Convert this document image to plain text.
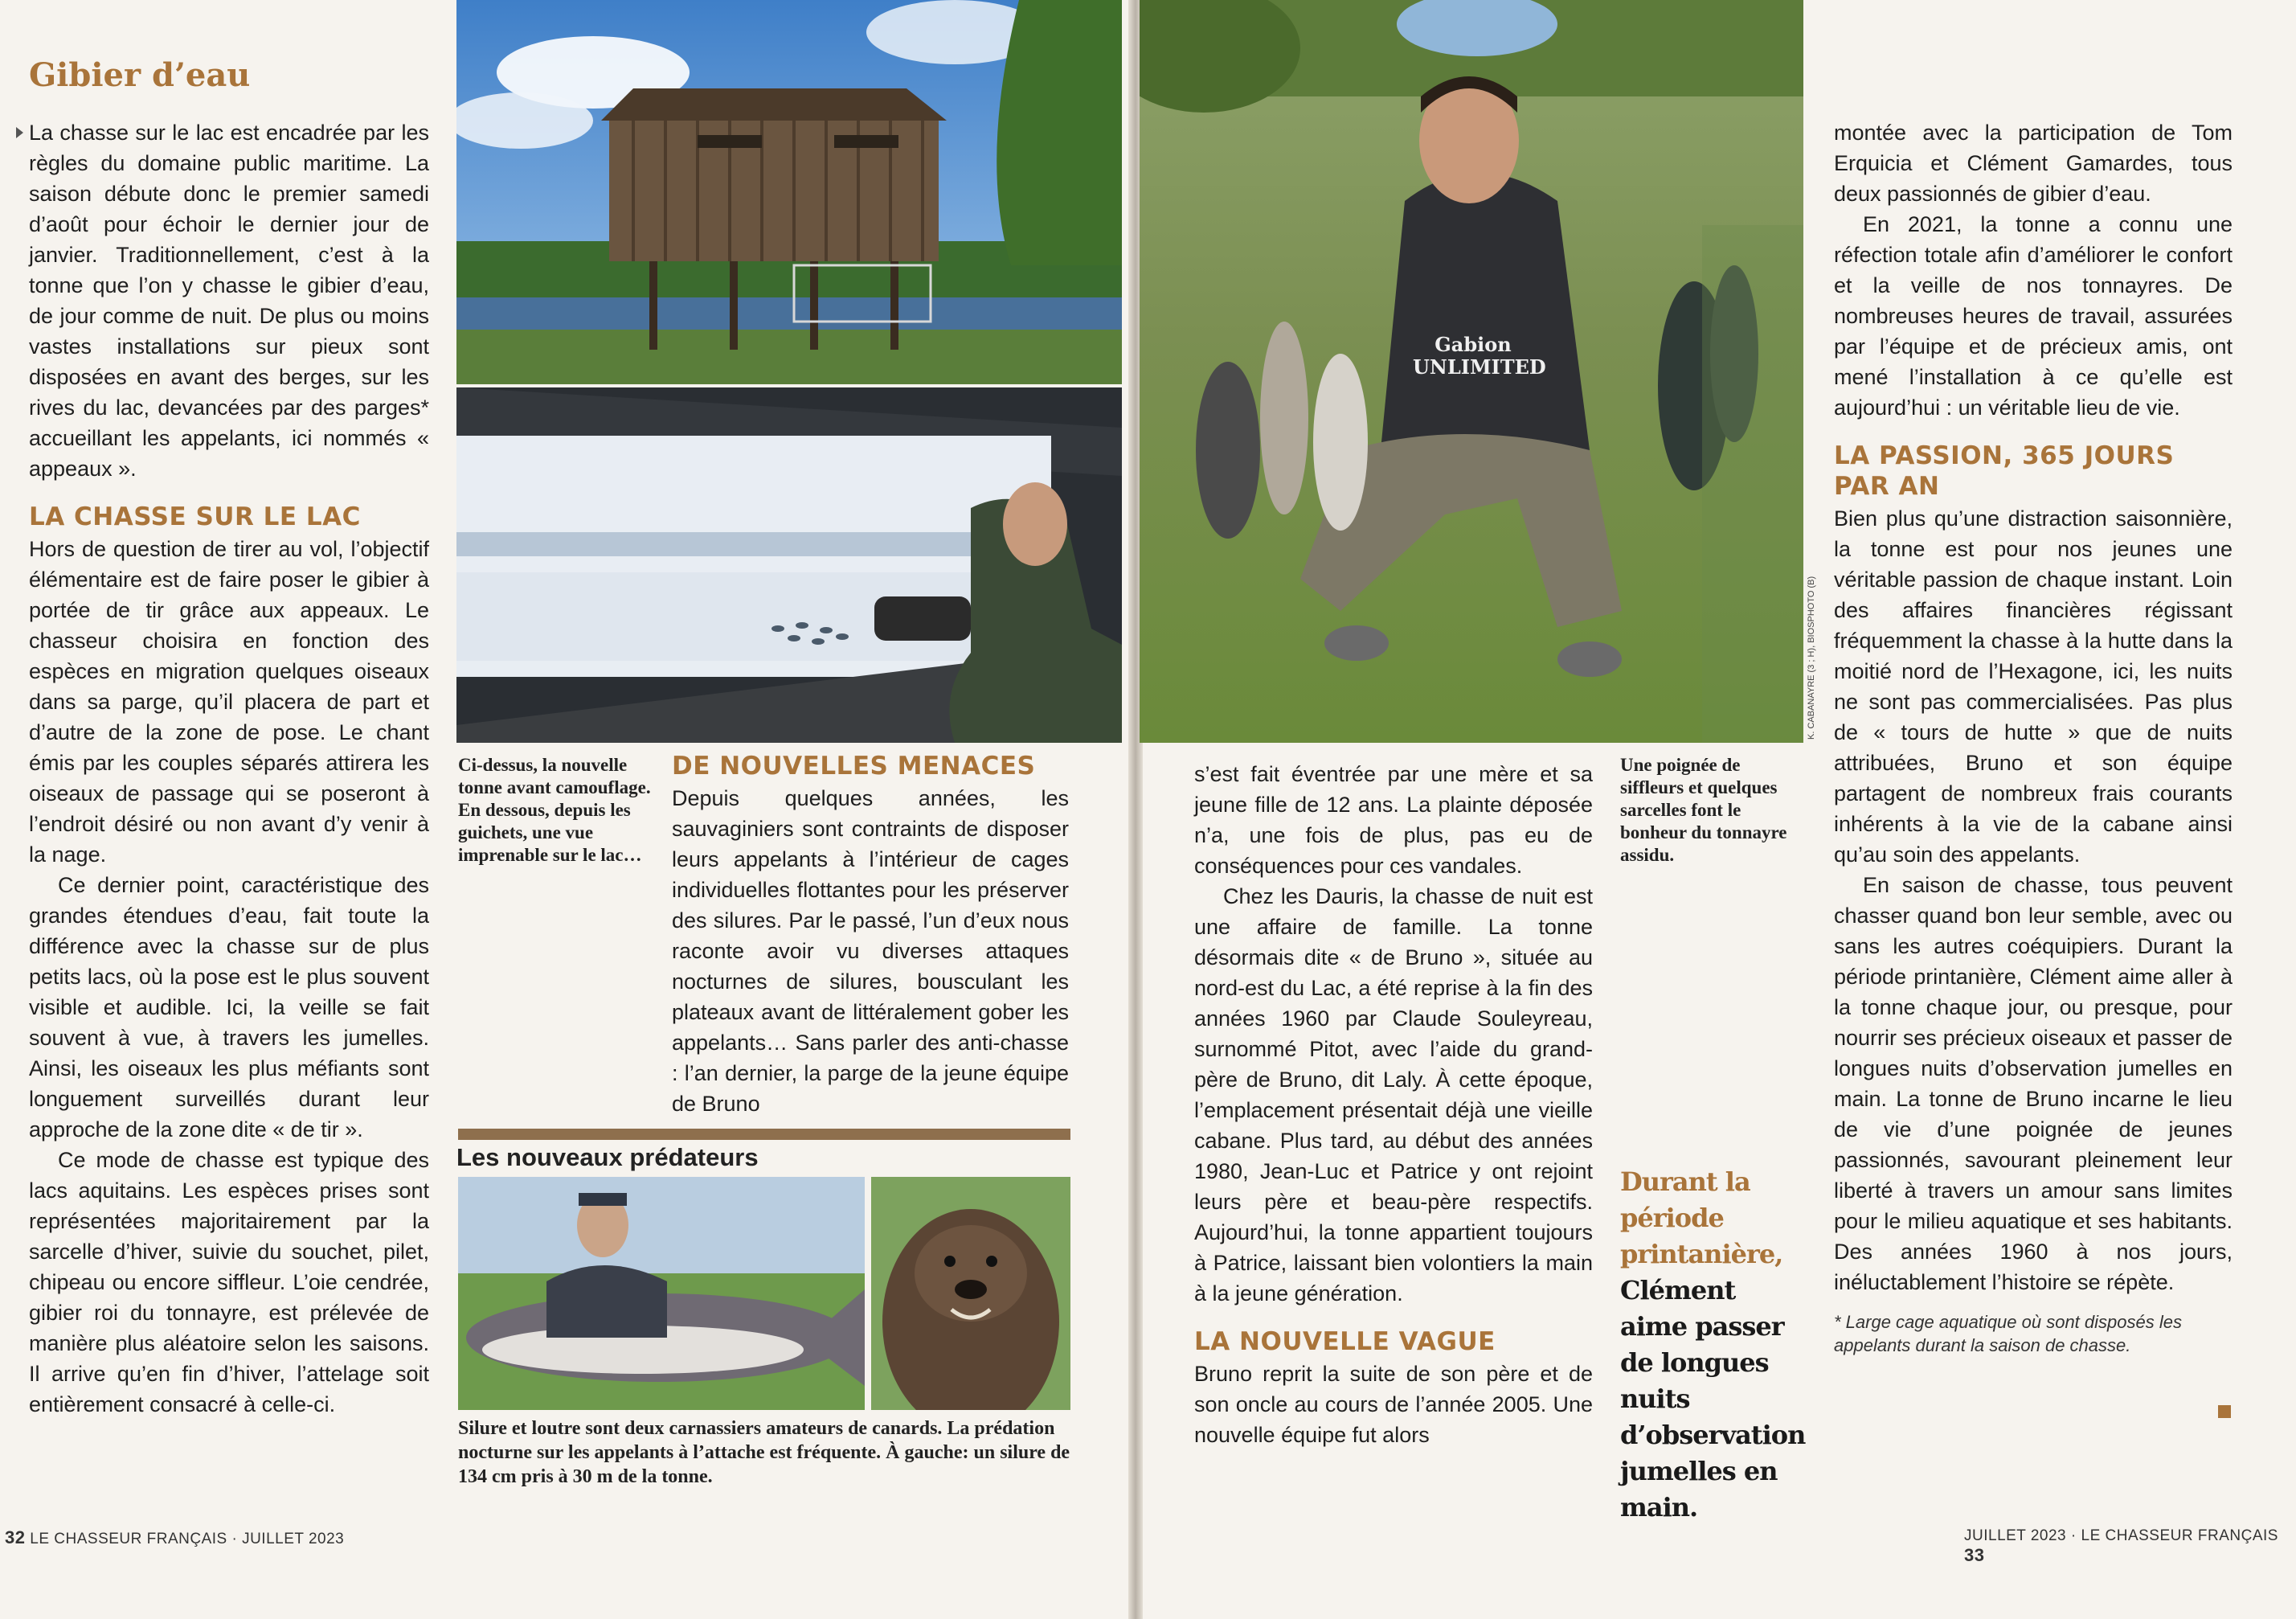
Gibier d’eau

La chasse sur le lac est encadrée par les règles du domaine public maritime. La saison débute donc le premier samedi d’août pour échoir le dernier jour de janvier. Traditionnellement, c’est à la tonne que l’on y chasse le gibier d’eau, de jour comme de nuit. De plus ou moins vastes installations sur pieux sont disposées en avant des berges, sur les rives du lac, devancées par des parges* accueillant les appelants, ici nommés « appeaux ».

LA CHASSE SUR LE LAC

Hors de question de tirer au vol, l’objectif élémentaire est de faire poser le gibier à portée de tir grâce aux appeaux. Le chasseur choisira en fonction des espèces en migration quelques oiseaux dans sa parge, qu’il placera de part et d’autre de la zone de pose. Le chant émis par les couples séparés attirera les oiseaux de passage qui se poseront à l’endroit désiré ou non avant d’y venir à la nage.

Ce dernier point, caractéristique des grandes étendues d’eau, fait toute la différence avec la chasse sur de plus petits lacs, où la pose est le plus souvent visible et audible. Ici, la veille se fait souvent à vue, à travers les jumelles. Ainsi, les oiseaux les plus méfiants sont longuement surveillés durant leur approche de la zone dite « de tir ».

Ce mode de chasse est typique des lacs aquitains. Les espèces prises sont représentées majoritairement par la sarcelle d’hiver, suivie du souchet, pilet, chipeau ou encore siffleur. L’oie cendrée, gibier roi du tonnayre, est prélevée de manière plus aléatoire selon les saisons. Il arrive qu’en fin d’hiver, l’attelage soit entièrement consacré à celle-ci.

Ci-dessus, la nouvelle tonne avant camouflage. En dessous, depuis les guichets, une vue imprenable sur le lac…
DE NOUVELLES MENACES

Depuis quelques années, les sauvaginiers sont contraints de disposer leurs appelants à l’intérieur de cages individuelles flottantes pour les préserver des silures. Par le passé, l’un d’eux nous raconte avoir vu diverses attaques nocturnes de silures, bousculant les plateaux avant de littéralement gober les appelants… Sans parler des anti-chasse : l’an dernier, la parge de la jeune équipe de Bruno

Les nouveaux prédateurs
Silure et loutre sont deux carnassiers amateurs de canards. La prédation nocturne sur les appelants à l’attache est fréquente. À gauche: un silure de 134 cm pris à 30 m de la tonne.
32 LE CHASSEUR FRANÇAIS · JUILLET 2023
Gabion
UNLIMITED
K. CABANAYRE (3 ; H), BIOSPHOTO (B)
Une poignée de siffleurs et quelques sarcelles font le bonheur du tonnayre assidu.

s’est fait éventrée par une mère et sa jeune fille de 12 ans. La plainte déposée n’a, une fois de plus, pas eu de conséquences pour ces vandales.

Chez les Dauris, la chasse de nuit est une affaire de famille. La tonne désormais dite « de Bruno », située au nord-est du Lac, a été reprise à la fin des années 1960 par Claude Souleyreau, surnommé Pitot, avec l’aide du grand-père de Bruno, dit Laly. À cette époque, l’emplacement présentait déjà une vieille cabane. Plus tard, au début des années 1980, Jean-Luc et Patrice y ont rejoint leurs père et beau-père respectifs. Aujourd’hui, la tonne appartient toujours à Patrice, laissant bien volontiers la main à la jeune génération.

LA NOUVELLE VAGUE

Bruno reprit la suite de son père et de son oncle au cours de l’année 2005. Une nouvelle équipe fut alors

Durant la période printanière, Clément aime passer de longues nuits d’observation jumelles en main.

montée avec la participation de Tom Erquicia et Clément Gamardes, tous deux passionnés de gibier d’eau.

En 2021, la tonne a connu une réfection totale afin d’améliorer le confort et la veille de nos tonnayres. De nombreuses heures de travail, assurées par l’équipe et de précieux amis, ont mené l’installation à ce qu’elle est aujourd’hui : un véritable lieu de vie.

LA PASSION, 365 JOURS
PAR AN

Bien plus qu’une distraction saisonnière, la tonne est pour nos jeunes une véritable passion de chaque instant. Loin des affaires financières régissant fréquemment la chasse à la hutte dans la moitié nord de l’Hexagone, ici, les nuits ne sont pas commercialisées. Pas plus de « tours de hutte » que de nuits attribuées, Bruno et son équipe partagent de nombreux frais courants inhérents à la vie de la cabane ainsi qu’au soin des appelants.

En saison de chasse, tous peuvent chasser quand bon leur semble, avec ou sans les autres coéquipiers. Durant la période printanière, Clément aime aller à la tonne chaque jour, ou presque, pour nourrir ses précieux oiseaux et passer de longues nuits d’observation jumelles en main. La tonne de Bruno incarne le lieu de vie d’une poignée de jeunes passionnés, savourant pleinement leur liberté à travers un amour sans limites pour le milieu aquatique et ses habitants. Des années 1960 à nos jours, inéluctablement l’histoire se répète.

* Large cage aquatique où sont disposés les appelants durant la saison de chasse.
JUILLET 2023 · LE CHASSEUR FRANÇAIS 33
